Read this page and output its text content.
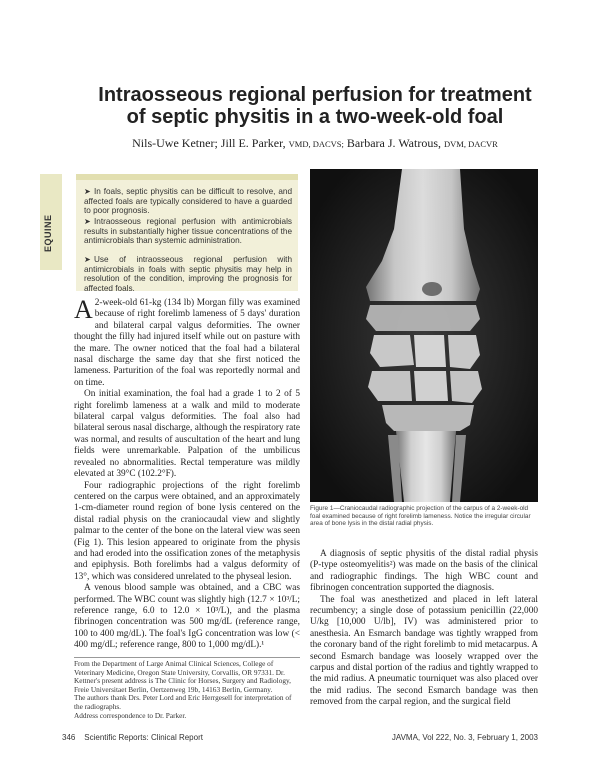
Intraosseous regional perfusion for treatment
of septic physitis in a two-week-old foal
Nils-Uwe Ketner; Jill E. Parker, VMD, DACVS; Barbara J. Watrous, DVM, DACVR
EQUINE
➤ In foals, septic physitis can be difficult to resolve, and affected foals are typically considered to have a guarded to poor prognosis.
➤ Intraosseous regional perfusion with antimicrobials results in substantially higher tissue concentrations of the antimicrobials than systemic administration.
➤ Use of intraosseous regional perfusion with antimicrobials in foals with septic physitis may help in resolution of the condition, improving the prognosis for affected foals.

A 2-week-old 61-kg (134 lb) Morgan filly was examined because of right forelimb lameness of 5 days' duration and bilateral carpal valgus deformities. The owner thought the filly had injured itself while out on pasture with the mare. The owner noticed that the foal had a bilateral nasal discharge the same day that she first noticed the lameness. Parturition of the foal was reportedly normal and on time.

On initial examination, the foal had a grade 1 to 2 of 5 right forelimb lameness at a walk and mild to moderate bilateral carpal valgus deformities. The foal also had bilateral serous nasal discharge, although the respiratory rate was normal, and results of auscultation of the heart and lung fields were unremarkable. Palpation of the umbilicus revealed no abnormalities. Rectal temperature was mildly elevated at 39°C (102.2°F).

Four radiographic projections of the right forelimb centered on the carpus were obtained, and an approximately 1-cm-diameter round region of bone lysis centered on the distal radial physis on the craniocaudal view and slightly palmar to the center of the bone on the lateral view was seen (Fig 1). This lesion appeared to originate from the physis and had eroded into the ossification zones of the metaphysis and epiphysis. Both forelimbs had a valgus deformity of 13°, which was considered unrelated to the physeal lesion.

A venous blood sample was obtained, and a CBC was performed. The WBC count was slightly high (12.7 × 10³/L; reference range, 6.0 to 12.0 × 10³/L), and the plasma fibrinogen concentration was 500 mg/dL (reference range, 100 to 400 mg/dL). The foal's IgG concentration was low (< 400 mg/dL; reference range, 800 to 1,000 mg/dL).¹

Figure 1—Craniocaudal radiographic projection of the carpus of a 2-week-old foal examined because of right forelimb lameness. Notice the irregular circular area of bone lysis in the distal radial physis.

A diagnosis of septic physitis of the distal radial physis (P-type osteomyelitis²) was made on the basis of the clinical and radiographic findings. The high WBC count and fibrinogen concentration supported the diagnosis.

The foal was anesthetized and placed in left lateral recumbency; a single dose of potassium penicillin (22,000 U/kg [10,000 U/lb], IV) was administered prior to anesthesia. An Esmarch bandage was tightly wrapped from the coronary band of the right forelimb to mid metacarpus. A second Esmarch bandage was loosely wrapped over the carpus and distal portion of the radius and tightly wrapped to the mid radius. A pneumatic tourniquet was also placed over the mid radius. The second Esmarch bandage was then removed from the carpal region, and the surgical field

From the Department of Large Animal Clinical Sciences, College of Veterinary Medicine, Oregon State University, Corvallis, OR 97331. Dr. Kettner's present address is The Clinic for Horses, Surgery and Radiology, Freie Universitaet Berlin, Oertzenweg 19b, 14163 Berlin, Germany.
The authors thank Drs. Peter Lord and Eric Herrgesell for interpretation of the radiographs.
Address correspondence to Dr. Parker.
346 Scientific Reports: Clinical Report	JAVMA, Vol 222, No. 3, February 1, 2003
